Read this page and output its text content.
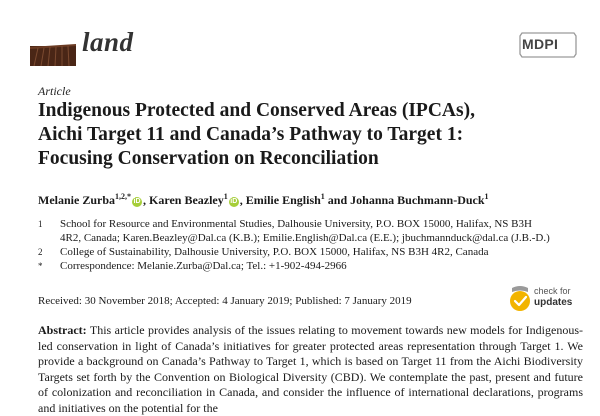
land	MDPI
Article
Indigenous Protected and Conserved Areas (IPCAs),
Aichi Target 11 and Canada’s Pathway to Target 1:
Focusing Conservation on Reconciliation
Melanie Zurba$^{1,2,*}$iD , Karen Beazley$^1$iD , Emilie English$^1$ and Johanna Buchmann-Duck$^1$
1 School for Resource and Environmental Studies, Dalhousie University, P.O. BOX 15000, Halifax, NS B3H
4R2, Canada; Karen.Beazley@Dal.ca (K.B.); Emilie.English@Dal.ca (E.E.); jbuchmannduck@dal.ca (J.B.-D.)
2 College of Sustainability, Dalhousie University, P.O. BOX 15000, Halifax, NS B3H 4R2, Canada
* Correspondence: Melanie.Zurba@Dal.ca; Tel.: +1-902-494-2966
Received: 30 November 2018; Accepted: 4 January 2019; Published: 7 January 2019
check for
updates

Abstract: This article provides analysis of the issues relating to movement towards new models for Indigenous-led conservation in light of Canada’s initiatives for greater protected areas representation through Target 1. We provide a background on Canada’s Pathway to Target 1, which is based on Target 11 from the Aichi Biodiversity Targets set forth by the Convention on Biological Diversity (CBD). We contemplate the past, present and future of colonization and reconciliation in Canada, and consider the influence of international declarations, programs and initiatives on the potential for the
